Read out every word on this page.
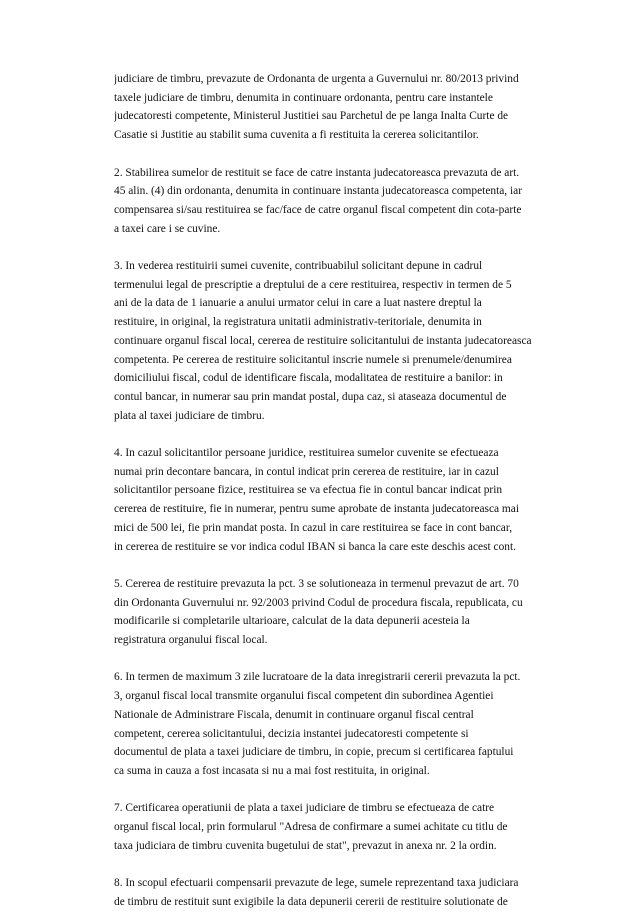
judiciare de timbru, prevazute de Ordonanta de urgenta a Guvernului nr. 80/2013 privind
taxele judiciare de timbru, denumita in continuare ordonanta, pentru care instantele
judecatoresti competente, Ministerul Justitiei sau Parchetul de pe langa Inalta Curte de
Casatie si Justitie au stabilit suma cuvenita a fi restituita la cererea solicitantilor.
2. Stabilirea sumelor de restituit se face de catre instanta judecatoreasca prevazuta de art.
45 alin. (4) din ordonanta, denumita in continuare instanta judecatoreasca competenta, iar
compensarea si/sau restituirea se fac/face de catre organul fiscal competent din cota-parte
a taxei care i se cuvine.
3. In vederea restituirii sumei cuvenite, contribuabilul solicitant depune in cadrul
termenului legal de prescriptie a dreptului de a cere restituirea, respectiv in termen de 5
ani de la data de 1 ianuarie a anului urmator celui in care a luat nastere dreptul la
restituire, in original, la registratura unitatii administrativ-teritoriale, denumita in
continuare organul fiscal local, cererea de restituire solicitantului de instanta judecatoreasca
competenta. Pe cererea de restituire solicitantul inscrie numele si prenumele/denumirea
domiciliului fiscal, codul de identificare fiscala, modalitatea de restituire a banilor: in
contul bancar, in numerar sau prin mandat postal, dupa caz, si ataseaza documentul de
plata al taxei judiciare de timbru.
4. In cazul solicitantilor persoane juridice, restituirea sumelor cuvenite se efectueaza
numai prin decontare bancara, in contul indicat prin cererea de restituire, iar in cazul
solicitantilor persoane fizice, restituirea se va efectua fie in contul bancar indicat prin
cererea de restituire, fie in numerar, pentru sume aprobate de instanta judecatoreasca mai
mici de 500 lei, fie prin mandat posta. In cazul in care restituirea se face in cont bancar,
in cererea de restituire se vor indica codul IBAN si banca la care este deschis acest cont.
5. Cererea de restituire prevazuta la pct. 3 se solutioneaza in termenul prevazut de art. 70
din Ordonanta Guvernului nr. 92/2003 privind Codul de procedura fiscala, republicata, cu
modificarile si completarile ultarioare, calculat de la data depunerii acesteia la
registratura organului fiscal local.
6. In termen de maximum 3 zile lucratoare de la data inregistrarii cererii prevazuta la pct.
3, organul fiscal local transmite organului fiscal competent din subordinea Agentiei
Nationale de Administrare Fiscala, denumit in continuare organul fiscal central
competent, cererea solicitantului, decizia instantei judecatoresti competente si
documentul de plata a taxei judiciare de timbru, in copie, precum si certificarea faptului
ca suma in cauza a fost incasata si nu a mai fost restituita, in original.
7. Certificarea operatiunii de plata a taxei judiciare de timbru se efectueaza de catre
organul fiscal local, prin formularul "Adresa de confirmare a sumei achitate cu titlu de
taxa judiciara de timbru cuvenita bugetului de stat", prevazut in anexa nr. 2 la ordin.
8. In scopul efectuarii compensarii prevazute de lege, sumele reprezentand taxa judiciara
de timbru de restituit sunt exigibile la data depunerii cererii de restituire solutionate de
